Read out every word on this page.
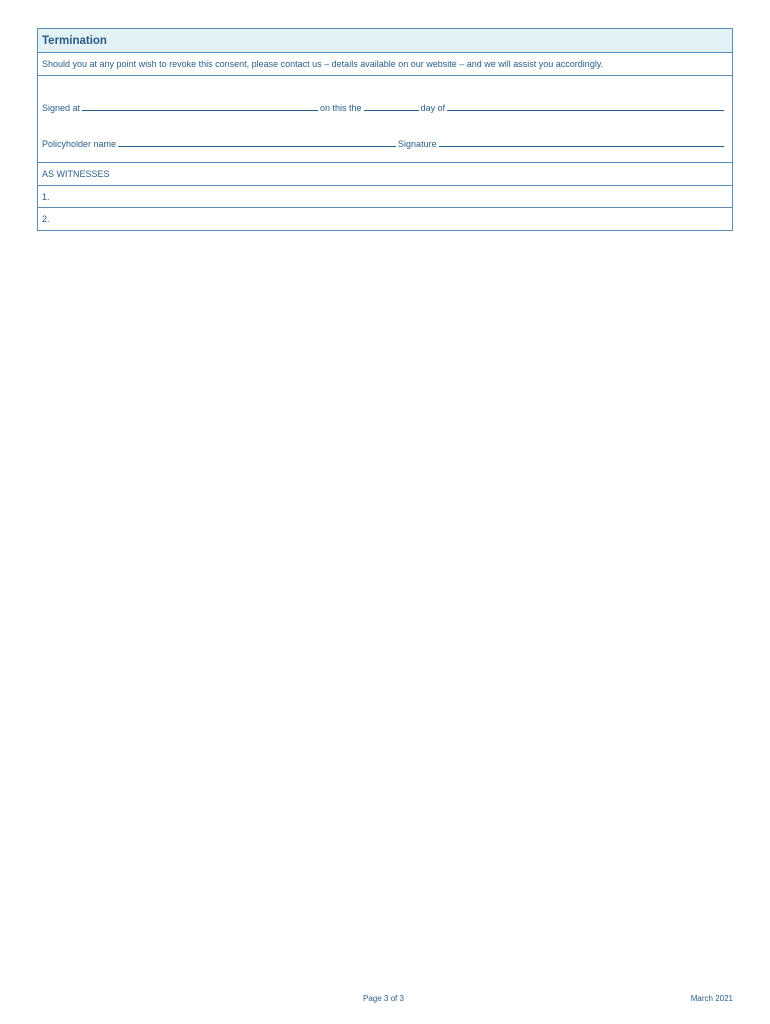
Termination
Should you at any point wish to revoke this consent, please contact us – details available on our website – and we will assist you accordingly.
Signed at	on this the	day of
Policyholder name	Signature
AS WITNESSES
1.
2.
Page 3 of 3	March 2021
